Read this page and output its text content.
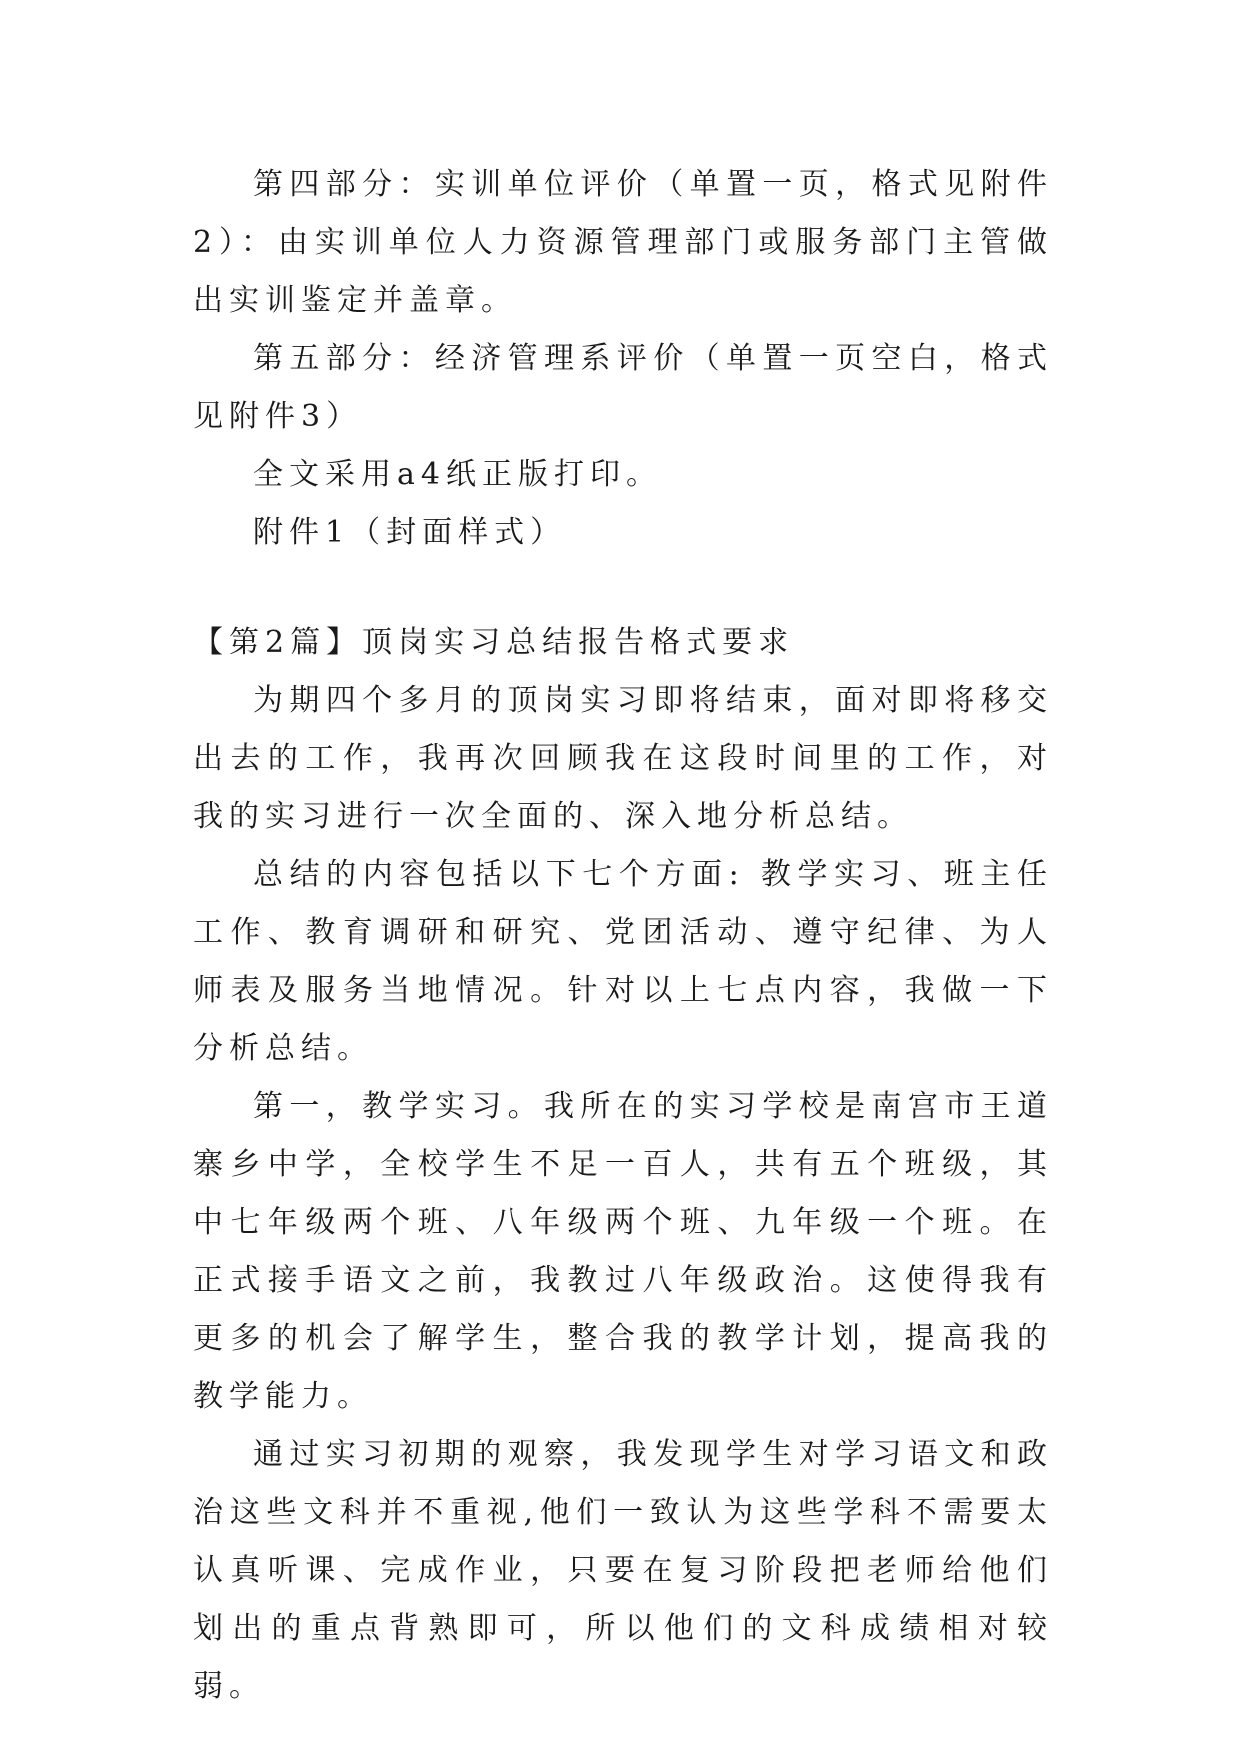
第四部分：实训单位评价（单置一页，格式见附件2）：由实训单位人力资源管理部门或服务部门主管做出实训鉴定并盖章。

第五部分：经济管理系评价（单置一页空白，格式见附件3）

全文采用a4纸正版打印。

附件1（封面样式）

【第2篇】顶岗实习总结报告格式要求

为期四个多月的顶岗实习即将结束，面对即将移交出去的工作，我再次回顾我在这段时间里的工作，对我的实习进行一次全面的、深入地分析总结。

总结的内容包括以下七个方面: 教学实习、班主任工作、教育调研和研究、党团活动、遵守纪律、为人师表及服务当地情况。针对以上七点内容，我做一下分析总结。

第一，教学实习。我所在的实习学校是南宫市王道寨乡中学，全校学生不足一百人，共有五个班级，其中七年级两个班、八年级两个班、九年级一个班。在正式接手语文之前，我教过八年级政治。这使得我有更多的机会了解学生，整合我的教学计划，提高我的教学能力。

通过实习初期的观察，我发现学生对学习语文和政治这些文科并不重视,他们一致认为这些学科不需要太认真听课、完成作业，只要在复习阶段把老师给他们划出的重点背熟即可，所以他们的文科成绩相对较弱。
